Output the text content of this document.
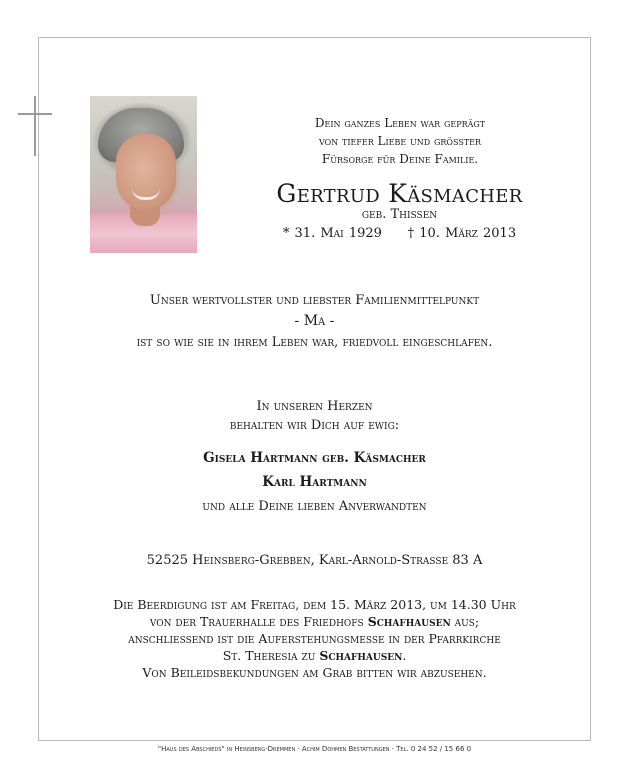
Dein ganzes Leben war geprägt
von tiefer Liebe und grösster
Fürsorge für Deine Familie.
Gertrud Käsmacher
geb. Thissen
* 31. Mai 1929 † 10. März 2013
Unser wertvollster und liebster Familienmittelpunkt
- Ma -
ist so wie sie in ihrem Leben war, friedvoll eingeschlafen.
In unseren Herzen
behalten wir Dich auf ewig:
Gisela Hartmann geb. Käsmacher
Karl Hartmann
und alle Deine lieben Anverwandten
52525 Heinsberg-Grebben, Karl-Arnold-Strasse 83 A
Die Beerdigung ist am Freitag, dem 15. März 2013, um 14.30 Uhr
von der Trauerhalle des Friedhofs Schafhausen aus;
anschliessend ist die Auferstehungsmesse in der Pfarrkirche
St. Theresia zu Schafhausen.
Von Beileidsbekundungen am Grab bitten wir abzusehen.
"Haus des Abschieds" in Heinsberg-Dremmen · Achim Dohmen Bestattungen · Tel. 0 24 52 / 15 66 0
